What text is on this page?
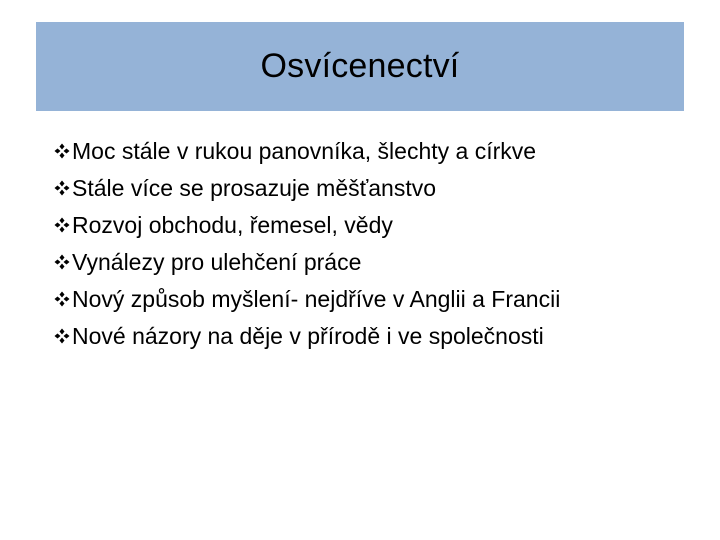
Osvícenectví
Moc stále v rukou panovníka, šlechty a církve
Stále více se prosazuje měšťanstvo
Rozvoj obchodu, řemesel, vědy
Vynálezy pro ulehčení práce
Nový způsob myšlení- nejdříve v Anglii a Francii
Nové názory na děje v přírodě i ve společnosti
